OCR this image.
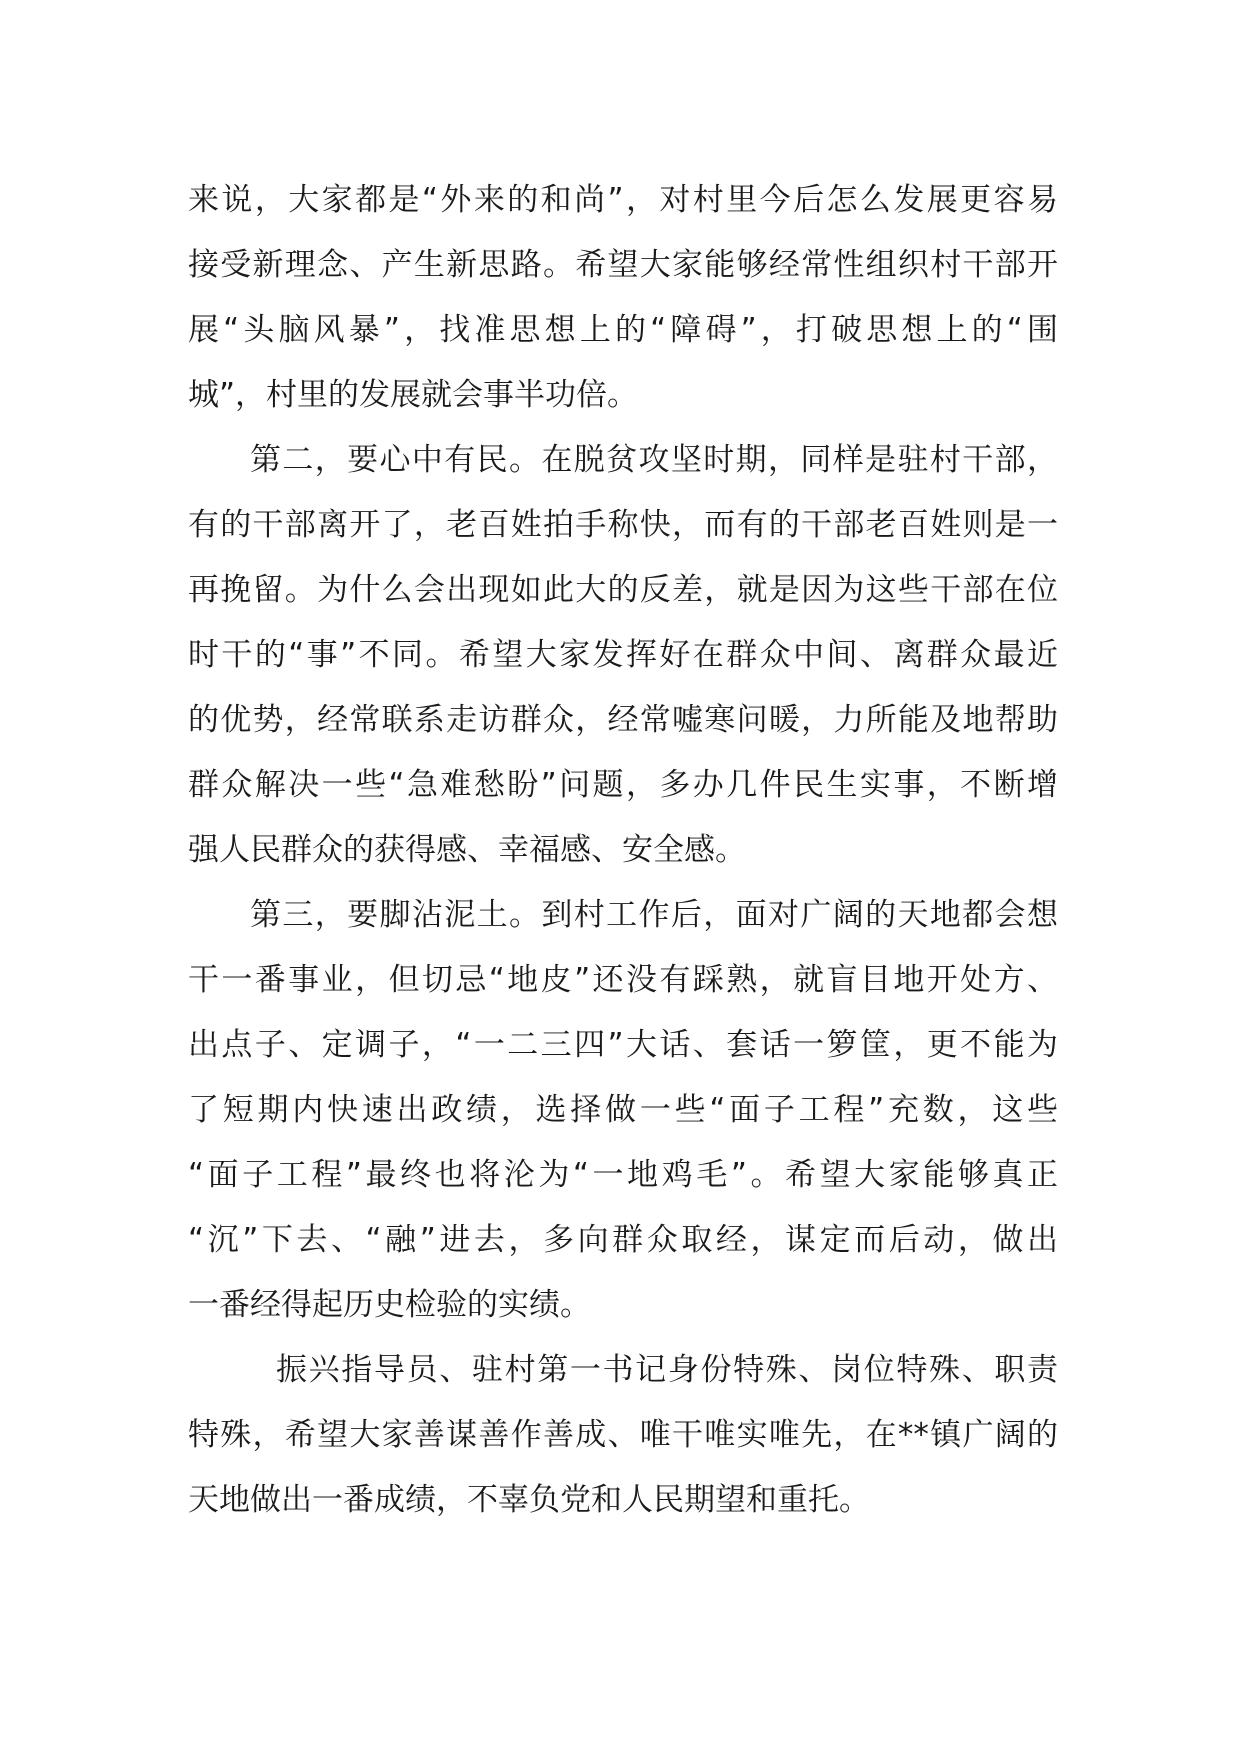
来说，大家都是“外来的和尚”，对村里今后怎么发展更容易
接受新理念、产生新思路。希望大家能够经常性组织村干部开
展“头脑风暴”，找准思想上的“障碍”，打破思想上的“围
城”，村里的发展就会事半功倍。
第二，要心中有民。在脱贫攻坚时期，同样是驻村干部，
有的干部离开了，老百姓拍手称快，而有的干部老百姓则是一
再挽留。为什么会出现如此大的反差，就是因为这些干部在位
时干的“事”不同。希望大家发挥好在群众中间、离群众最近
的优势，经常联系走访群众，经常嘘寒问暖，力所能及地帮助
群众解决一些“急难愁盼”问题，多办几件民生实事，不断增
强人民群众的获得感、幸福感、安全感。
第三，要脚沾泥土。到村工作后，面对广阔的天地都会想
干一番事业，但切忌“地皮”还没有踩熟，就盲目地开处方、
出点子、定调子，“一二三四”大话、套话一箩筐，更不能为
了短期内快速出政绩，选择做一些“面子工程”充数，这些
“面子工程”最终也将沦为“一地鸡毛”。希望大家能够真正
“沉”下去、“融”进去，多向群众取经，谋定而后动，做出
一番经得起历史检验的实绩。
振兴指导员、驻村第一书记身份特殊、岗位特殊、职责
特殊，希望大家善谋善作善成、唯干唯实唯先，在**镇广阔的
天地做出一番成绩，不辜负党和人民期望和重托。
